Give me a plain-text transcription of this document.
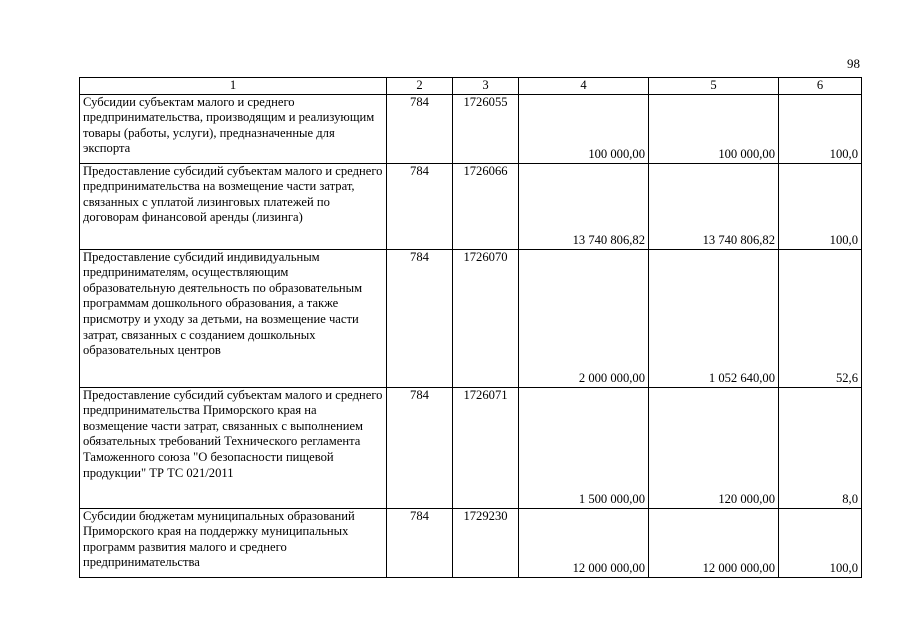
98
1	2	3	4	5	6
Субсидии субъектам малого и среднего предпринимательства, производящим и реализующим товары (работы, услуги), предназначенные для экспорта	784	1726055	100 000,00	100 000,00	100,0
Предоставление субсидий субъектам малого и среднего предпринимательства на возмещение части затрат, связанных с уплатой лизинговых платежей по договорам финансовой аренды (лизинга)	784	1726066	13 740 806,82	13 740 806,82	100,0
Предоставление субсидий индивидуальным предпринимателям, осуществляющим образовательную деятельность по образовательным программам дошкольного образования, а также присмотру и уходу за детьми, на возмещение части затрат, связанных с созданием дошкольных образовательных центров	784	1726070	2 000 000,00	1 052 640,00	52,6
Предоставление субсидий субъектам малого и среднего предпринимательства Приморского края на возмещение части затрат, связанных с выполнением обязательных требований Технического регламента Таможенного союза "О безопасности пищевой продукции" ТР ТС 021/2011	784	1726071	1 500 000,00	120 000,00	8,0
Субсидии бюджетам муниципальных образований Приморского края на поддержку муниципальных программ развития малого и среднего предпринимательства	784	1729230	12 000 000,00	12 000 000,00	100,0
